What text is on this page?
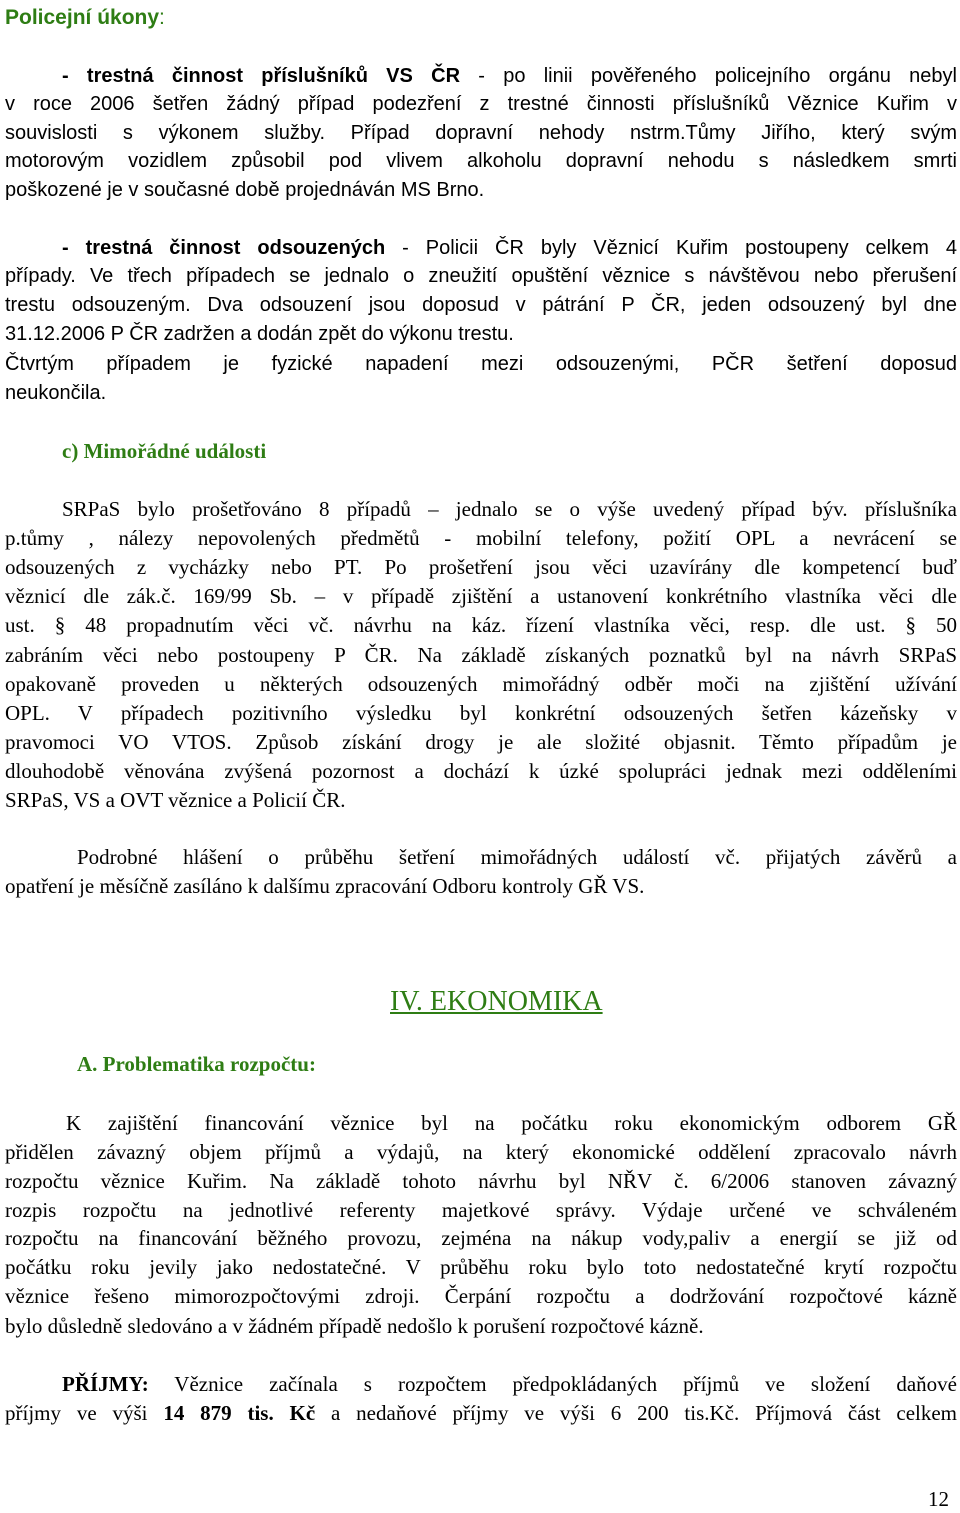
Policejní úkony:
- trestná činnost příslušníků VS ČR - po linii pověřeného policejního orgánu nebyl
v roce 2006 šetřen žádný případ podezření z trestné činnosti příslušníků Věznice Kuřim v
souvislosti s výkonem služby. Případ dopravní nehody nstrm.Tůmy Jiřího, který svým
motorovým vozidlem způsobil pod vlivem alkoholu dopravní nehodu s následkem smrti
poškozené je v současné době projednáván MS Brno.
- trestná činnost odsouzených - Policii ČR byly Věznicí Kuřim postoupeny celkem 4
případy. Ve třech případech se jednalo o zneužití opuštění věznice s návštěvou nebo přerušení
trestu odsouzeným. Dva odsouzení jsou doposud v pátrání P ČR, jeden odsouzený byl dne
31.12.2006 P ČR zadržen a dodán zpět do výkonu trestu.
Čtvrtým případem je fyzické napadení mezi odsouzenými, PČR šetření doposud
neukončila.
c) Mimořádné události
SRPaS bylo prošetřováno 8 případů – jednalo se o výše uvedený případ býv. příslušníka
p.tůmy , nálezy nepovolených předmětů - mobilní telefony, požití OPL a nevrácení se
odsouzených z vycházky nebo PT. Po prošetření jsou věci uzavírány dle kompetencí buď
věznicí dle zák.č. 169/99 Sb. – v případě zjištění a ustanovení konkrétního vlastníka věci dle
ust. § 48 propadnutím věci vč. návrhu na káz. řízení vlastníka věci, resp. dle ust. § 50
zabráním věci nebo postoupeny P ČR. Na základě získaných poznatků byl na návrh SRPaS
opakovaně proveden u některých odsouzených mimořádný odběr moči na zjištění užívání
OPL. V případech pozitivního výsledku byl konkrétní odsouzených šetřen kázeňsky v
pravomoci VO VTOS. Způsob získání drogy je ale složité objasnit. Těmto případům je
dlouhodobě věnována zvýšená pozornost a dochází k úzké spolupráci jednak mezi odděleními
SRPaS, VS a OVT věznice a Policií ČR.
Podrobné hlášení o průběhu šetření mimořádných událostí vč. přijatých závěrů a
opatření je měsíčně zasíláno k dalšímu zpracování Odboru kontroly GŘ VS.
IV. EKONOMIKA
A. Problematika rozpočtu:
K zajištění financování věznice byl na počátku roku ekonomickým odborem GŘ
přidělen závazný objem příjmů a výdajů, na který ekonomické oddělení zpracovalo návrh
rozpočtu věznice Kuřim. Na základě tohoto návrhu byl NŘV č. 6/2006 stanoven závazný
rozpis rozpočtu na jednotlivé referenty majetkové správy. Výdaje určené ve schváleném
rozpočtu na financování běžného provozu, zejména na nákup vody,paliv a energií se již od
počátku roku jevily jako nedostatečné. V průběhu roku bylo toto nedostatečné krytí rozpočtu
věznice řešeno mimorozpočtovými zdroji. Čerpání rozpočtu a dodržování rozpočtové kázně
bylo důsledně sledováno a v žádném případě nedošlo k porušení rozpočtové kázně.
PŘÍJMY: Věznice začínala s rozpočtem předpokládaných příjmů ve složení daňové
příjmy ve výši 14 879 tis. Kč a nedaňové příjmy ve výši 6 200 tis.Kč. Příjmová část celkem
12
